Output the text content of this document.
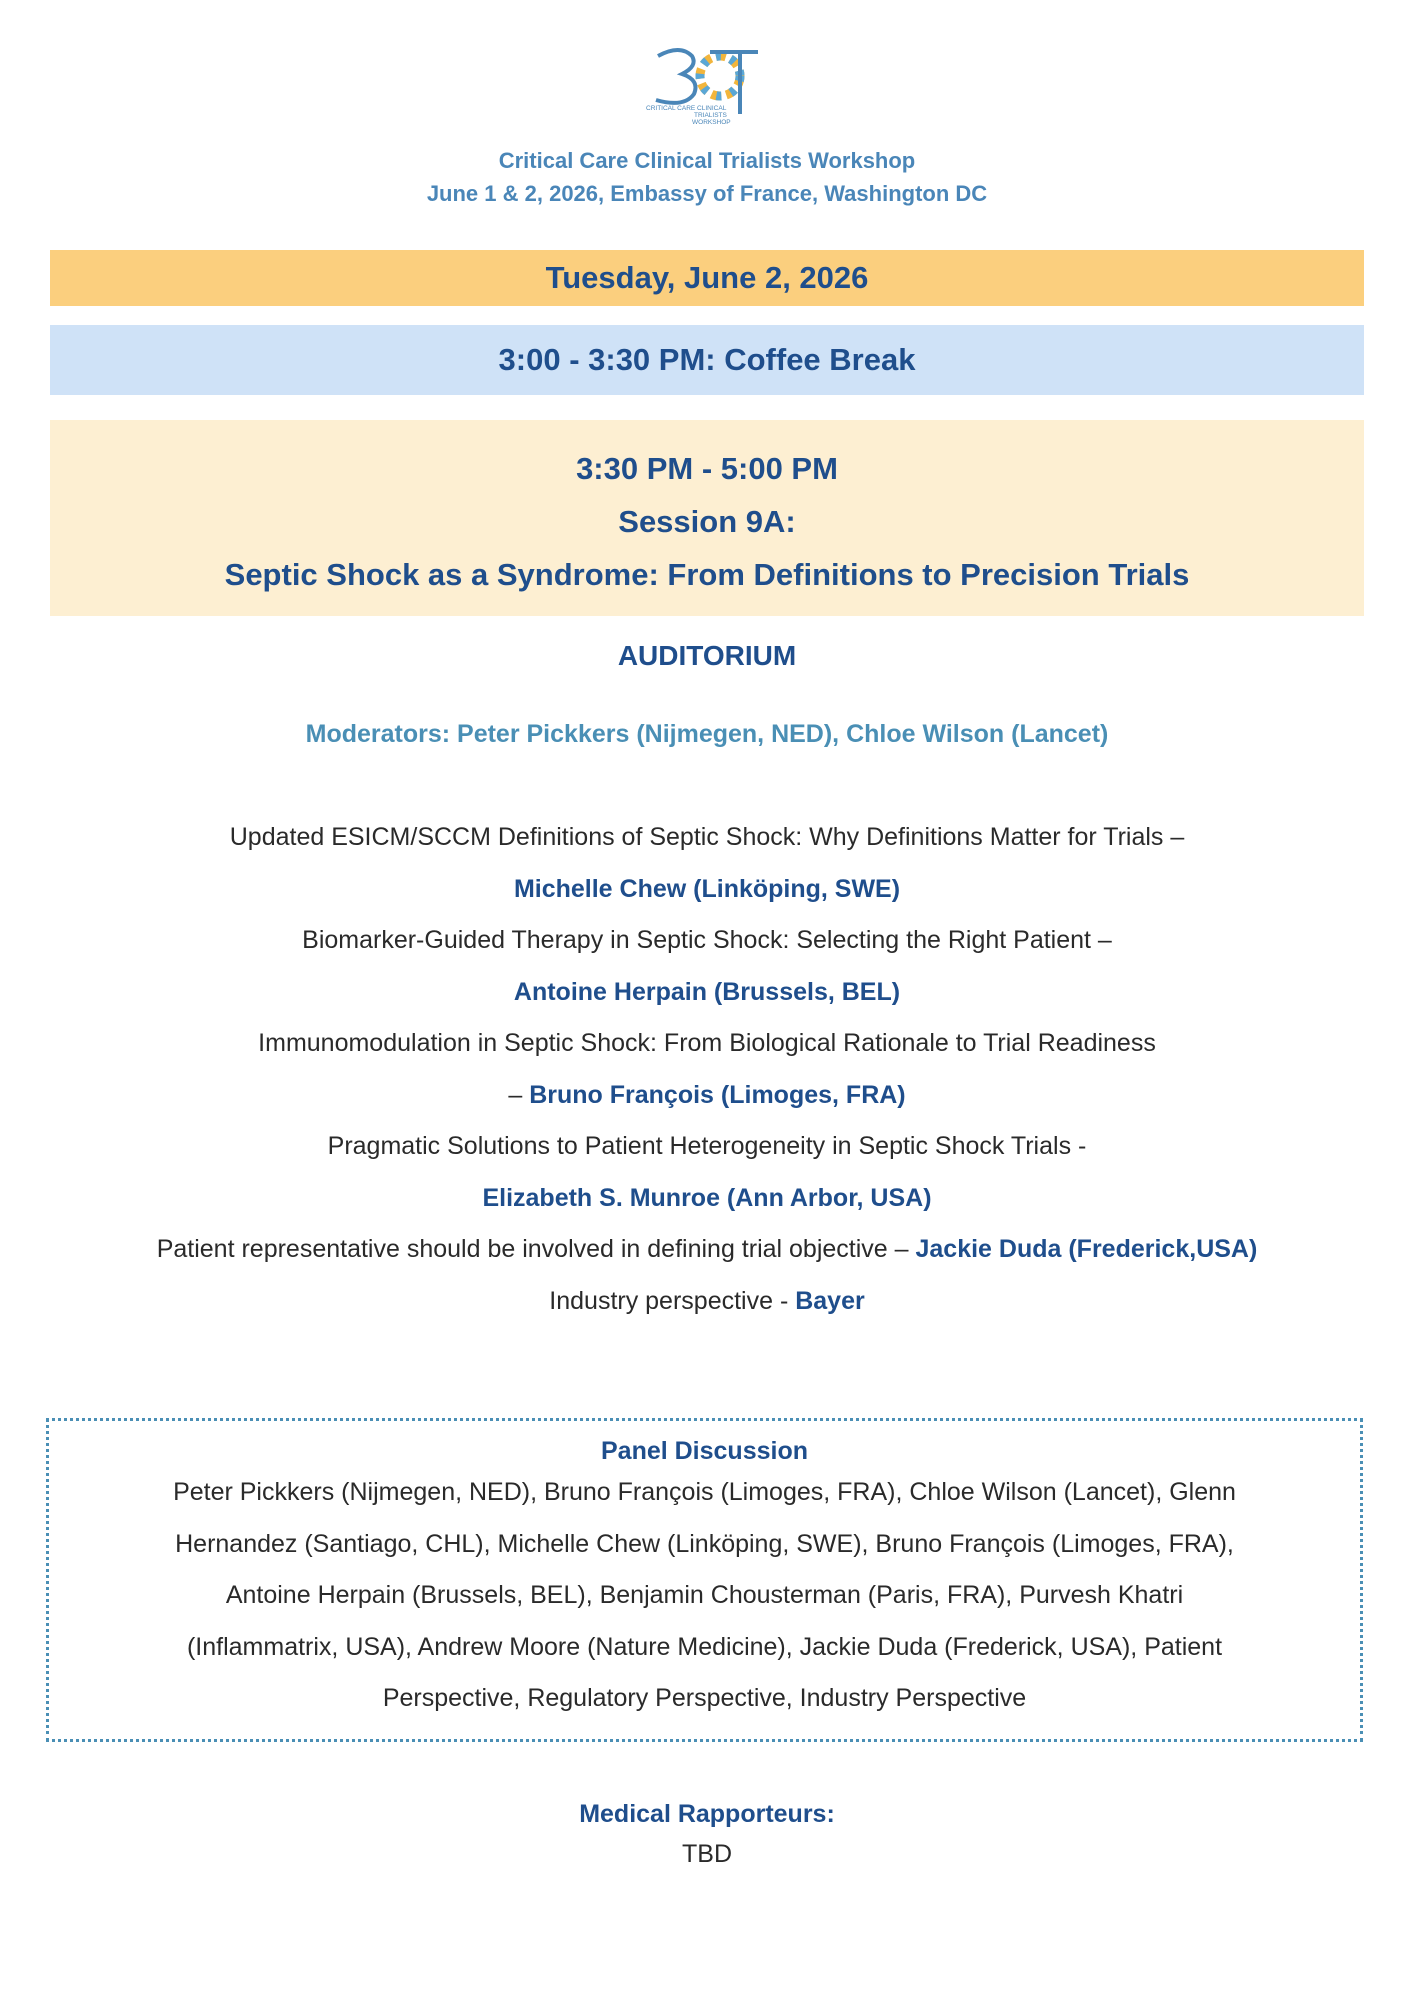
CRITICAL CARE CLINICAL
TRIALISTS
WORKSHOP
Critical Care Clinical Trialists Workshop
June 1 & 2, 2026, Embassy of France, Washington DC
Tuesday, June 2, 2026
3:00 - 3:30 PM: Coffee Break
3:30 PM - 5:00 PM
Session 9A:
Septic Shock as a Syndrome: From Definitions to Precision Trials
AUDITORIUM
Moderators: Peter Pickkers (Nijmegen, NED), Chloe Wilson (Lancet)
Updated ESICM/SCCM Definitions of Septic Shock: Why Definitions Matter for Trials –
Michelle Chew (Linköping, SWE)
Biomarker-Guided Therapy in Septic Shock: Selecting the Right Patient –
Antoine Herpain (Brussels, BEL)
Immunomodulation in Septic Shock: From Biological Rationale to Trial Readiness
– Bruno François (Limoges, FRA)
Pragmatic Solutions to Patient Heterogeneity in Septic Shock Trials -
Elizabeth S. Munroe (Ann Arbor, USA)
Patient representative should be involved in defining trial objective – Jackie Duda (Frederick,USA)
Industry perspective - Bayer
Panel Discussion
Peter Pickkers (Nijmegen, NED), Bruno François (Limoges, FRA), Chloe Wilson (Lancet), Glenn
Hernandez (Santiago, CHL), Michelle Chew (Linköping, SWE), Bruno François (Limoges, FRA),
Antoine Herpain (Brussels, BEL), Benjamin Chousterman (Paris, FRA), Purvesh Khatri
(Inflammatrix, USA), Andrew Moore (Nature Medicine), Jackie Duda (Frederick, USA), Patient
Perspective, Regulatory Perspective, Industry Perspective
Medical Rapporteurs:
TBD
